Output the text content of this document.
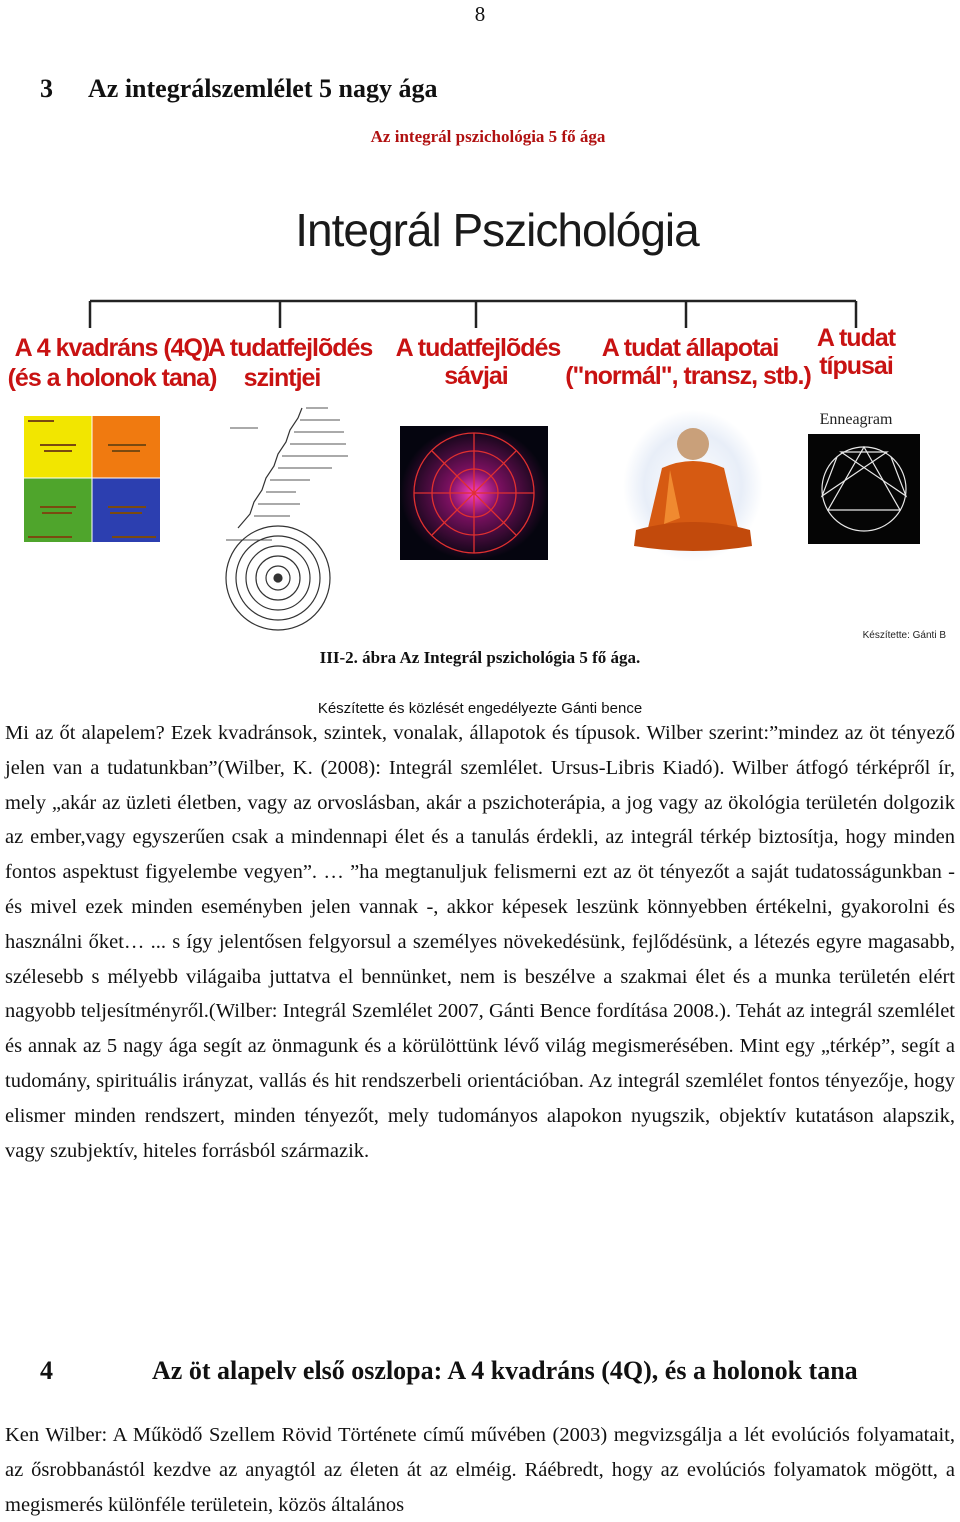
8
3 Az integrálszemlélet 5 nagy ága
Az integrál pszichológia 5 fő ága
Integrál Pszichológia
A 4 kvadráns (4Q)
(és a holonok tana)
A tudatfejlõdés
szintjei
A tudatfejlõdés
sávjai
A tudat állapotai
("normál", transz, stb.)
A tudat
típusai
Enneagram
Készítette: Gánti B
III-2. ábra Az Integrál pszichológia 5 fő ága.
Készítette és közlését engedélyezte Gánti bence
Mi az őt alapelem? Ezek kvadránsok, szintek, vonalak, állapotok és típusok. Wilber szerint:”mindez az öt tényező jelen van a tudatunkban”(Wilber, K. (2008): Integrál szemlélet. Ursus-Libris Kiadó). Wilber átfogó térképről ír, mely „akár az üzleti életben, vagy az orvoslásban, akár a pszichoterápia, a jog vagy az ökológia területén dolgozik az ember,vagy egyszerűen csak a mindennapi élet és a tanulás érdekli, az integrál térkép biztosítja, hogy minden fontos aspektust figyelembe vegyen”. … ”ha megtanuljuk felismerni ezt az öt tényezőt a saját tudatosságunkban - és mivel ezek minden eseményben jelen vannak -, akkor képesek leszünk könnyebben értékelni, gyakorolni és használni őket… ... s így jelentősen felgyorsul a személyes növekedésünk, fejlődésünk, a létezés egyre magasabb, szélesebb s mélyebb világaiba juttatva el bennünket, nem is beszélve a szakmai élet és a munka területén elért nagyobb teljesítményről.(Wilber: Integrál Szemlélet 2007, Gánti Bence fordítása 2008.). Tehát az integrál szemlélet és annak az 5 nagy ága segít az önmagunk és a körülöttünk lévő világ megismerésében. Mint egy „térkép”, segít a tudomány, spirituális irányzat, vallás és hit rendszerbeli orientációban. Az integrál szemlélet fontos tényezője, hogy elismer minden rendszert, minden tényezőt, mely tudományos alapokon nyugszik, objektív kutatáson alapszik, vagy szubjektív, hiteles forrásból származik.
4	Az öt alapelv első oszlopa: A 4 kvadráns (4Q), és a holonok tana
Ken Wilber: A Működő Szellem Rövid Története című művében (2003) megvizsgálja a lét evolúciós folyamatait, az ősrobbanástól kezdve az anyagtól az életen át az elméig. Ráébredt, hogy az evolúciós folyamatok mögött, a megismerés különféle területein, közös általános
